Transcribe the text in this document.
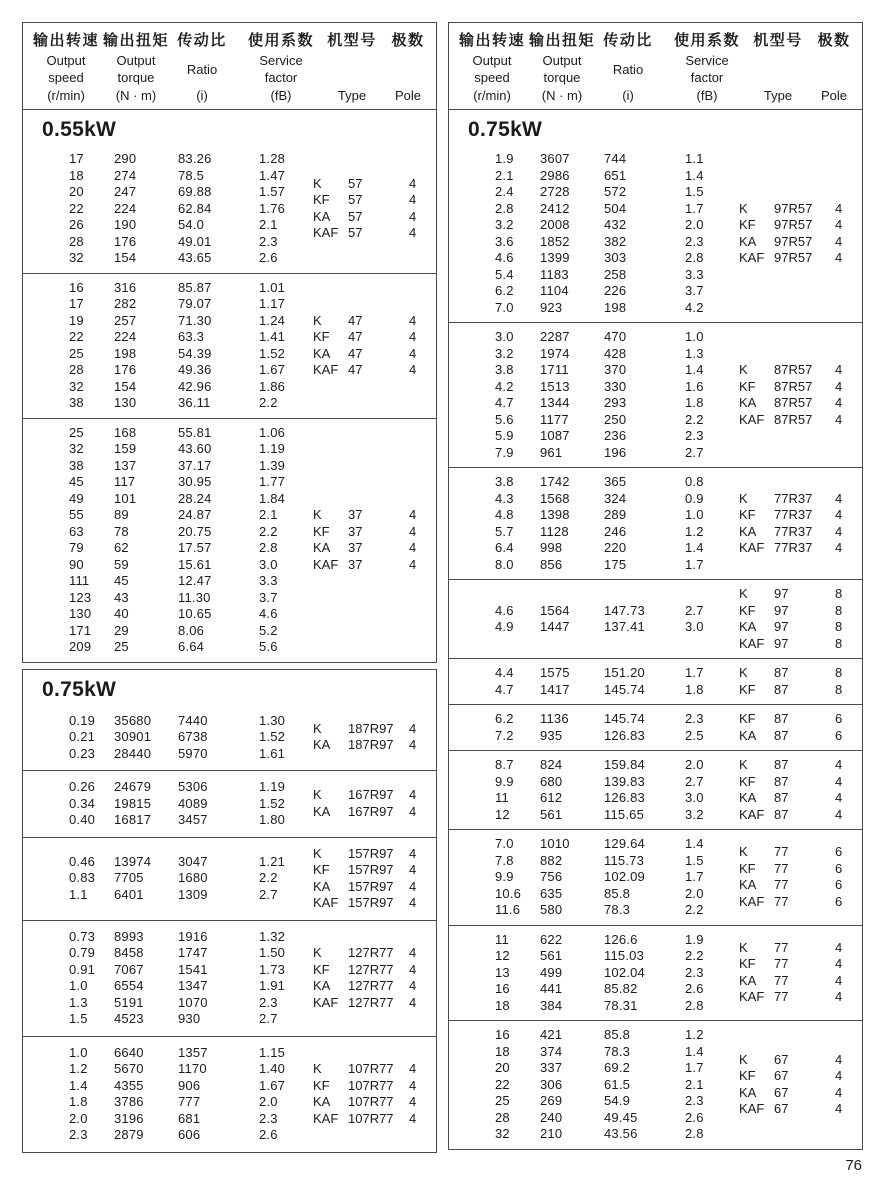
输出转速
Output
speed
(r/min)
输出扭矩
Output
torque
(N · m)
传动比
Ratio
(i)
使用系数
Service
factor
(fB)
机型号
Type
极数
Pole
0.55kW
17	290	83.26	1.28
18	274	78.5	1.47
20	247	69.88	1.57
22	224	62.84	1.76
26	190	54.0	2.1
28	176	49.01	2.3
32	154	43.65	2.6
K	57	4
KF	57	4
KA	57	4
KAF 57	4
16	316	85.87	1.01
17	282	79.07	1.17
19	257	71.30	1.24
22	224	63.3	1.41
25	198	54.39	1.52
28	176	49.36	1.67
32	154	42.96	1.86
38	130	36.11	2.2
K	47	4
KF	47	4
KA	47	4
KAF 47	4
25	168	55.81	1.06
32	159	43.60	1.19
38	137	37.17	1.39
45	117	30.95	1.77
49	101	28.24	1.84
55	89	24.87	2.1
63	78	20.75	2.2
79	62	17.57	2.8
90	59	15.61	3.0
111	45	12.47	3.3
123	43	11.30	3.7
130	40	10.65	4.6
171	29	8.06	5.2
209	25	6.64	5.6
K	37	4
KF	37	4
KA	37	4
KAF 37	4
0.75kW
0.19	35680	7440	1.30
0.21	30901	6738	1.52
0.23	28440	5970	1.61
K	187R97	4
KA	187R97	4
0.26	24679	5306	1.19
0.34	19815	4089	1.52
0.40	16817	3457	1.80
K	167R97	4
KA	167R97	4
0.46	13974	3047	1.21
0.83	7705	1680	2.2
1.1	6401	1309	2.7
K	157R97	4
KF	157R97	4
KA	157R97	4
KAF 157R97	4
0.73	8993	1916	1.32
0.79	8458	1747	1.50
0.91	7067	1541	1.73
1.0	6554	1347	1.91
1.3	5191	1070	2.3
1.5	4523	930	2.7
K	127R77	4
KF	127R77	4
KA	127R77	4
KAF 127R77	4
1.0	6640	1357	1.15
1.2	5670	1170	1.40
1.4	4355	906	1.67
1.8	3786	777	2.0
2.0	3196	681	2.3
2.3	2879	606	2.6
K	107R77	4
KF	107R77	4
KA	107R77	4
KAF 107R77	4
输出转速
Output
speed
(r/min)
输出扭矩
Output
torque
(N · m)
传动比
Ratio
(i)
使用系数
Service
factor
(fB)
机型号
Type
极数
Pole
0.75kW
1.9	3607	744	1.1
2.1	2986	651	1.4
2.4	2728	572	1.5
2.8	2412	504	1.7
3.2	2008	432	2.0
3.6	1852	382	2.3
4.6	1399	303	2.8
5.4	1183	258	3.3
6.2	1104	226	3.7
7.0	923	198	4.2
K	97R57	4
KF	97R57	4
KA	97R57	4
KAF 97R57	4
3.0	2287	470	1.0
3.2	1974	428	1.3
3.8	1711	370	1.4
4.2	1513	330	1.6
4.7	1344	293	1.8
5.6	1177	250	2.2
5.9	1087	236	2.3
7.9	961	196	2.7
K	87R57	4
KF	87R57	4
KA	87R57	4
KAF 87R57	4
3.8	1742	365	0.8
4.3	1568	324	0.9
4.8	1398	289	1.0
5.7	1128	246	1.2
6.4	998	220	1.4
8.0	856	175	1.7
K	77R37	4
KF	77R37	4
KA	77R37	4
KAF 77R37	4
4.6	1564	147.73	2.7
4.9	1447	137.41	3.0
K	97	8
KF	97	8
KA	97	8
KAF 97	8
4.4	1575	151.20	1.7
4.7	1417	145.74	1.8
K	87	8
KF	87	8
6.2	1136	145.74	2.3
7.2	935	126.83	2.5
KF	87	6
KA	87	6
8.7	824	159.84	2.0
9.9	680	139.83	2.7
11	612	126.83	3.0
12	561	115.65	3.2
K	87	4
KF	87	4
KA	87	4
KAF 87	4
7.0	1010	129.64	1.4
7.8	882	115.73	1.5
9.9	756	102.09	1.7
10.6	635	85.8	2.0
11.6	580	78.3	2.2
K	77	6
KF	77	6
KA	77	6
KAF 77	6
11	622	126.6	1.9
12	561	115.03	2.2
13	499	102.04	2.3
16	441	85.82	2.6
18	384	78.31	2.8
K	77	4
KF	77	4
KA	77	4
KAF 77	4
16	421	85.8	1.2
18	374	78.3	1.4
20	337	69.2	1.7
22	306	61.5	2.1
25	269	54.9	2.3
28	240	49.45	2.6
32	210	43.56	2.8
K	67	4
KF	67	4
KA	67	4
KAF 67	4
76
